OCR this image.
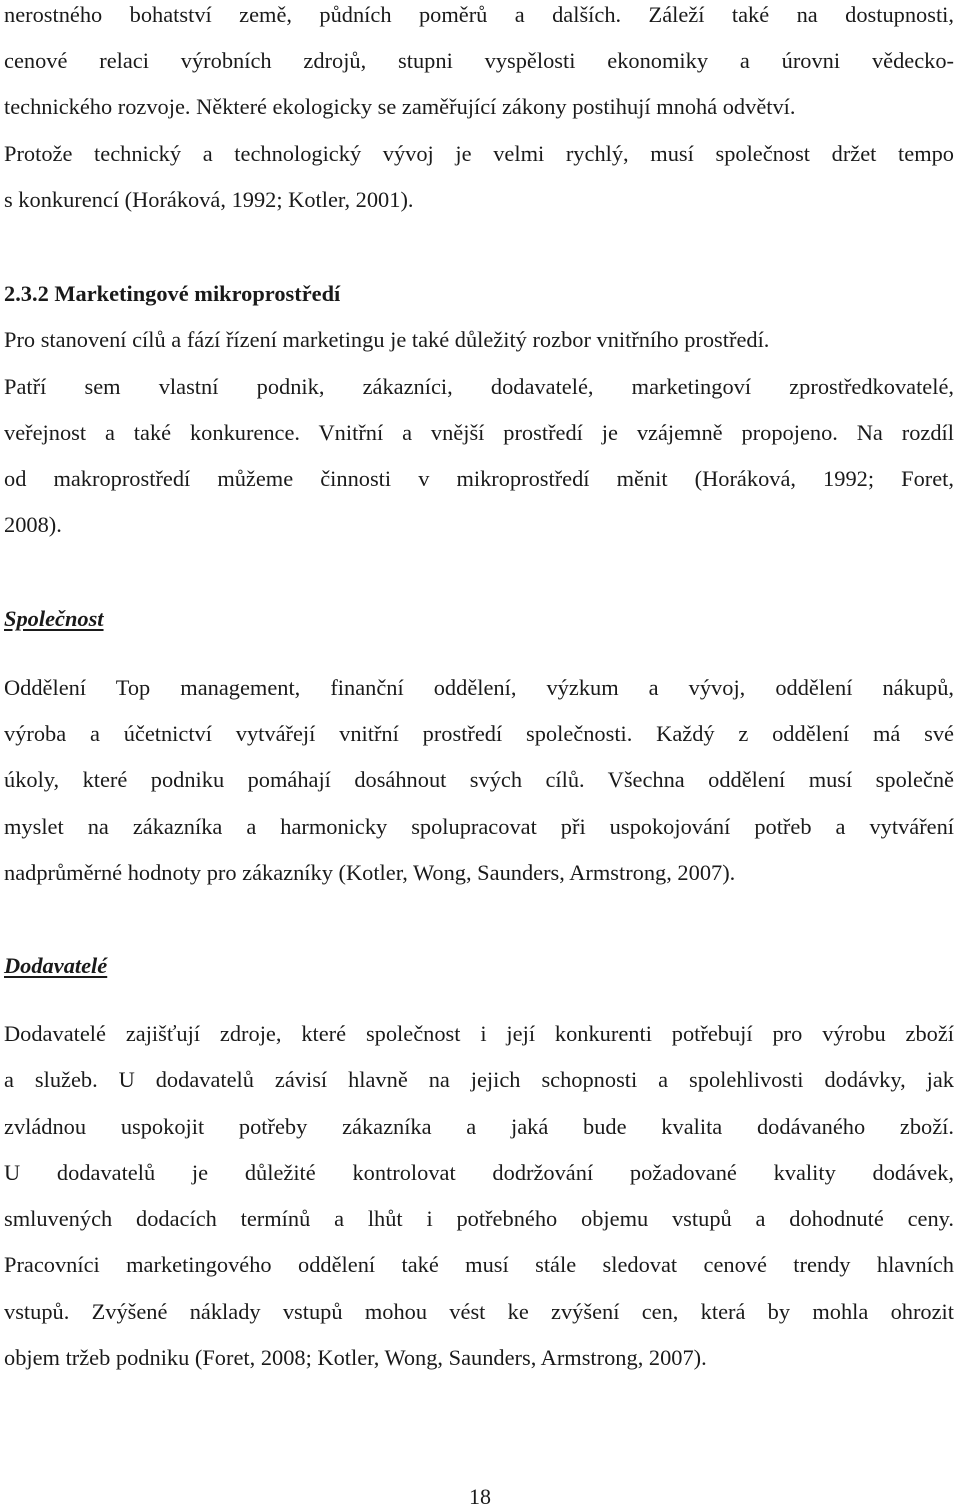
nerostného bohatství země, půdních poměrů a dalších. Záleží také na dostupnosti,
cenové relaci výrobních zdrojů, stupni vyspělosti ekonomiky a úrovni vědecko-
technického rozvoje. Některé ekologicky se zaměřující zákony postihují mnohá odvětví.
Protože technický a technologický vývoj je velmi rychlý, musí společnost držet tempo
s konkurencí (Horáková, 1992; Kotler, 2001).
2.3.2 Marketingové mikroprostředí
Pro stanovení cílů a fází řízení marketingu je také důležitý rozbor vnitřního prostředí.
Patří sem vlastní podnik, zákazníci, dodavatelé, marketingoví zprostředkovatelé,
veřejnost a také konkurence. Vnitřní a vnější prostředí je vzájemně propojeno. Na rozdíl
od makroprostředí můžeme činnosti v mikroprostředí měnit (Horáková, 1992; Foret,
2008).
Společnost
Oddělení Top management, finanční oddělení, výzkum a vývoj, oddělení nákupů,
výroba a účetnictví vytvářejí vnitřní prostředí společnosti. Každý z oddělení má své
úkoly, které podniku pomáhají dosáhnout svých cílů. Všechna oddělení musí společně
myslet na zákazníka a harmonicky spolupracovat při uspokojování potřeb a vytváření
nadprůměrné hodnoty pro zákazníky (Kotler, Wong, Saunders, Armstrong, 2007).
Dodavatelé
Dodavatelé zajišťují zdroje, které společnost i její konkurenti potřebují pro výrobu zboží
a služeb. U dodavatelů závisí hlavně na jejich schopnosti a spolehlivosti dodávky, jak
zvládnou uspokojit potřeby zákazníka a jaká bude kvalita dodávaného zboží.
U dodavatelů je důležité kontrolovat dodržování požadované kvality dodávek,
smluvených dodacích termínů a lhůt i potřebného objemu vstupů a dohodnuté ceny.
Pracovníci marketingového oddělení také musí stále sledovat cenové trendy hlavních
vstupů. Zvýšené náklady vstupů mohou vést ke zvýšení cen, která by mohla ohrozit
objem tržeb podniku (Foret, 2008; Kotler, Wong, Saunders, Armstrong, 2007).
18
